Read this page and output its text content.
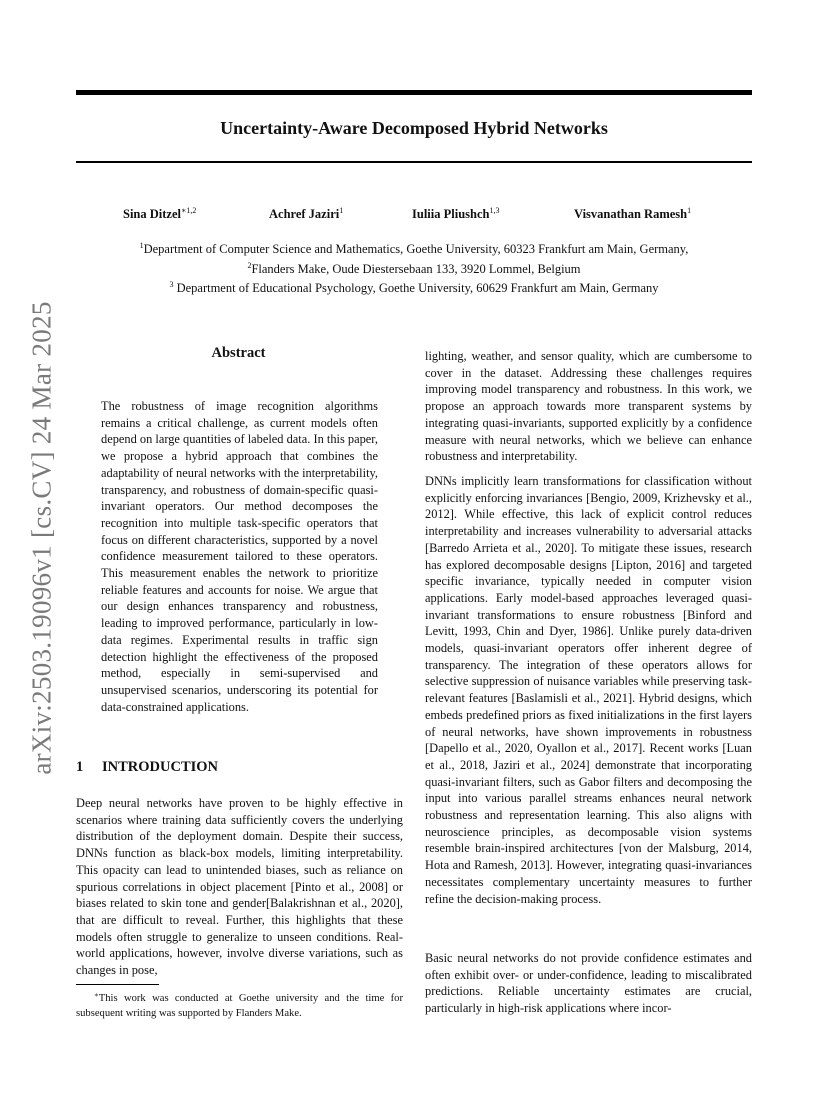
arXiv:2503.19096v1 [cs.CV] 24 Mar 2025
Uncertainty-Aware Decomposed Hybrid Networks
Sina Ditzel$^{∗1,2}$	Achref Jaziri$^1$	Iuliia Pliushch$^{1,3}$	Visvanathan Ramesh$^1$
$^1$Department of Computer Science and Mathematics, Goethe University, 60323 Frankfurt am Main, Germany,
$^2$Flanders Make, Oude Diestersebaan 133, 3920 Lommel, Belgium
$^3$ Department of Educational Psychology, Goethe University, 60629 Frankfurt am Main, Germany
Abstract

The robustness of image recognition algorithms remains a critical challenge, as current models often depend on large quantities of labeled data. In this paper, we propose a hybrid approach that combines the adaptability of neural networks with the interpretability, transparency, and robustness of domain-specific quasi-invariant operators. Our method decomposes the recognition into multiple task-specific operators that focus on different characteristics, supported by a novel confidence measurement tailored to these operators. This measurement enables the network to prioritize reliable features and accounts for noise. We argue that our design enhances transparency and robustness, leading to improved performance, particularly in low-data regimes. Experimental results in traffic sign detection highlight the effectiveness of the proposed method, especially in semi-supervised and unsupervised scenarios, underscoring its potential for data-constrained applications.

1 INTRODUCTION

Deep neural networks have proven to be highly effective in scenarios where training data sufficiently covers the underlying distribution of the deployment domain. Despite their success, DNNs function as black-box models, limiting interpretability. This opacity can lead to unintended biases, such as reliance on spurious correlations in object placement [Pinto et al., 2008] or biases related to skin tone and gender[Balakrishnan et al., 2020], that are difficult to reveal. Further, this highlights that these models often struggle to generalize to unseen conditions. Real-world applications, however, involve diverse variations, such as changes in pose,

∗This work was conducted at Goethe university and the time for subsequent writing was supported by Flanders Make.

lighting, weather, and sensor quality, which are cumbersome to cover in the dataset. Addressing these challenges requires improving model transparency and robustness. In this work, we propose an approach towards more transparent systems by integrating quasi-invariants, supported explicitly by a confidence measure with neural networks, which we believe can enhance robustness and interpretability.

DNNs implicitly learn transformations for classification without explicitly enforcing invariances [Bengio, 2009, Krizhevsky et al., 2012]. While effective, this lack of explicit control reduces interpretability and increases vulnerability to adversarial attacks [Barredo Arrieta et al., 2020]. To mitigate these issues, research has explored decomposable designs [Lipton, 2016] and targeted specific invariance, typically needed in computer vision applications. Early model-based approaches leveraged quasi-invariant transformations to ensure robustness [Binford and Levitt, 1993, Chin and Dyer, 1986]. Unlike purely data-driven models, quasi-invariant operators offer inherent degree of transparency. The integration of these operators allows for selective suppression of nuisance variables while preserving task-relevant features [Baslamisli et al., 2021]. Hybrid designs, which embeds predefined priors as fixed initializations in the first layers of neural networks, have shown improvements in robustness [Dapello et al., 2020, Oyallon et al., 2017]. Recent works [Luan et al., 2018, Jaziri et al., 2024] demonstrate that incorporating quasi-invariant filters, such as Gabor filters and decomposing the input into various parallel streams enhances neural network robustness and representation learning. This also aligns with neuroscience principles, as decomposable vision systems resemble brain-inspired architectures [von der Malsburg, 2014, Hota and Ramesh, 2013]. However, integrating quasi-invariances necessitates complementary uncertainty measures to further refine the decision-making process.

Basic neural networks do not provide confidence estimates and often exhibit over- or under-confidence, leading to miscalibrated predictions. Reliable uncertainty estimates are crucial, particularly in high-risk applications where incor-
